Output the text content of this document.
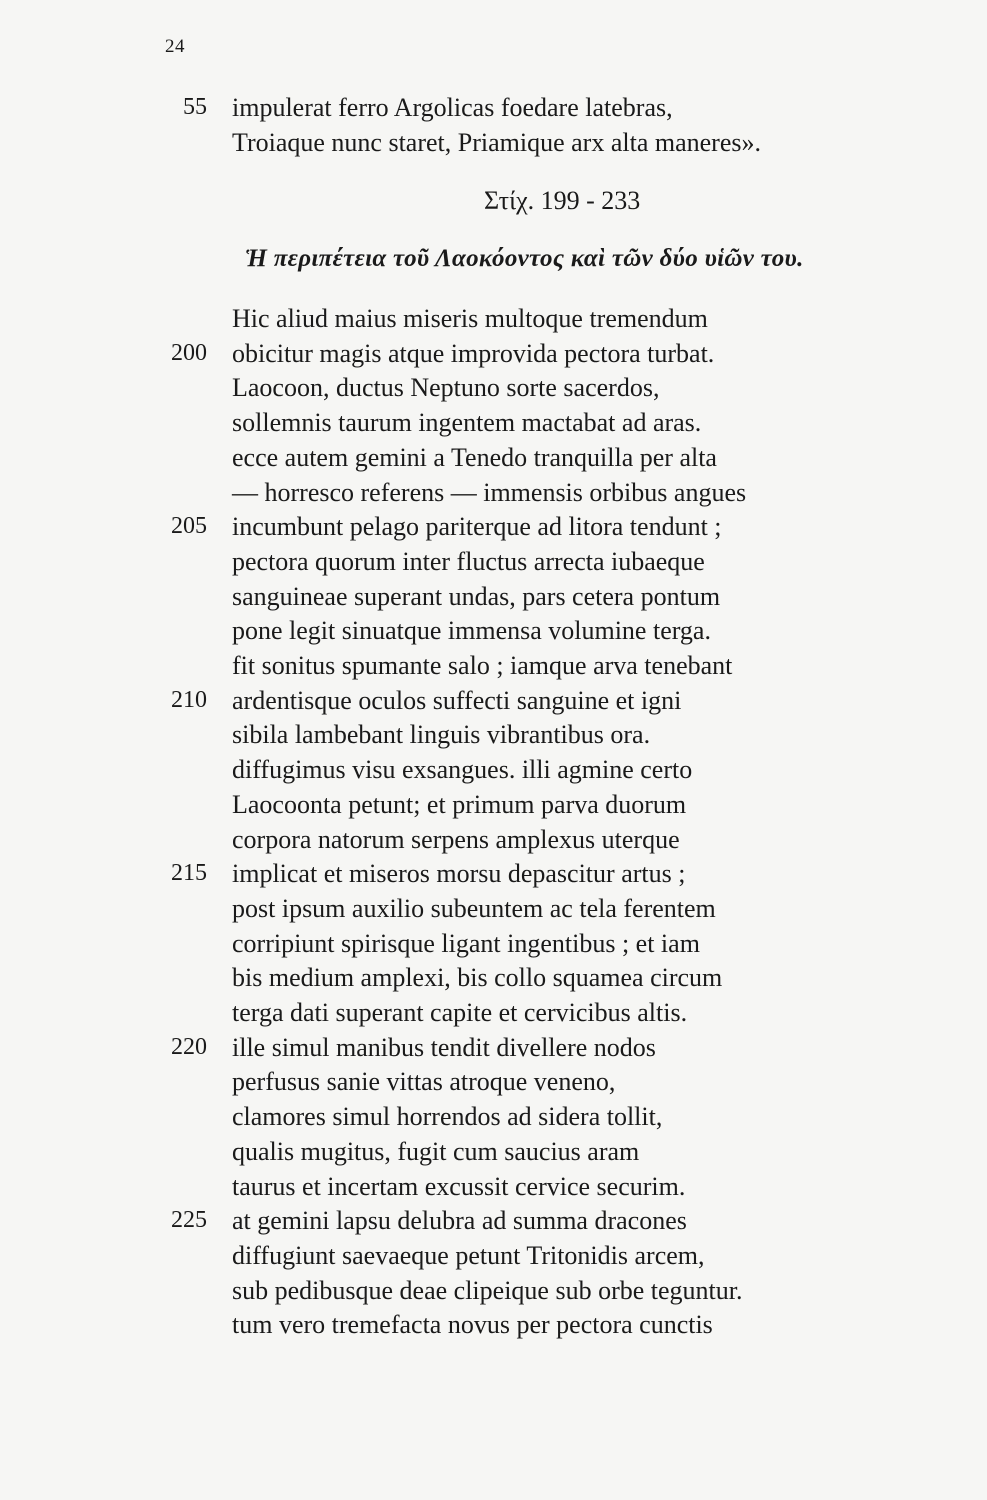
24
55 impulerat ferro Argolicas foedare latebras,
Troiaque nunc staret, Priamique arx alta maneres».
Στίχ. 199 - 233
Ἡ περιπέτεια τοῦ Λαοκόοντος καὶ τῶν δύο υἱῶν του.
Hic aliud maius miseris multoque tremendum
200 obicitur magis atque improvida pectora turbat.
Laocoon, ductus Neptuno sorte sacerdos,
sollemnis taurum ingentem mactabat ad aras.
ecce autem gemini a Tenedo tranquilla per alta
— horresco referens — immensis orbibus angues
205 incumbunt pelago pariterque ad litora tendunt ;
pectora quorum inter fluctus arrecta iubaeque
sanguineae superant undas, pars cetera pontum
pone legit sinuatque immensa volumine terga.
fit sonitus spumante salo ; iamque arva tenebant
210 ardentisque oculos suffecti sanguine et igni
sibila lambebant linguis vibrantibus ora.
diffugimus visu exsangues. illi agmine certo
Laocoonta petunt; et primum parva duorum
corpora natorum serpens amplexus uterque
215 implicat et miseros morsu depascitur artus ;
post ipsum auxilio subeuntem ac tela ferentem
corripiunt spirisque ligant ingentibus ; et iam
bis medium amplexi, bis collo squamea circum
terga dati superant capite et cervicibus altis.
220 ille simul manibus tendit divellere nodos
perfusus sanie vittas atroque veneno,
clamores simul horrendos ad sidera tollit,
qualis mugitus, fugit cum saucius aram
taurus et incertam excussit cervice securim.
225 at gemini lapsu delubra ad summa dracones
diffugiunt saevaeque petunt Tritonidis arcem,
sub pedibusque deae clipeique sub orbe teguntur.
tum vero tremefacta novus per pectora cunctis
